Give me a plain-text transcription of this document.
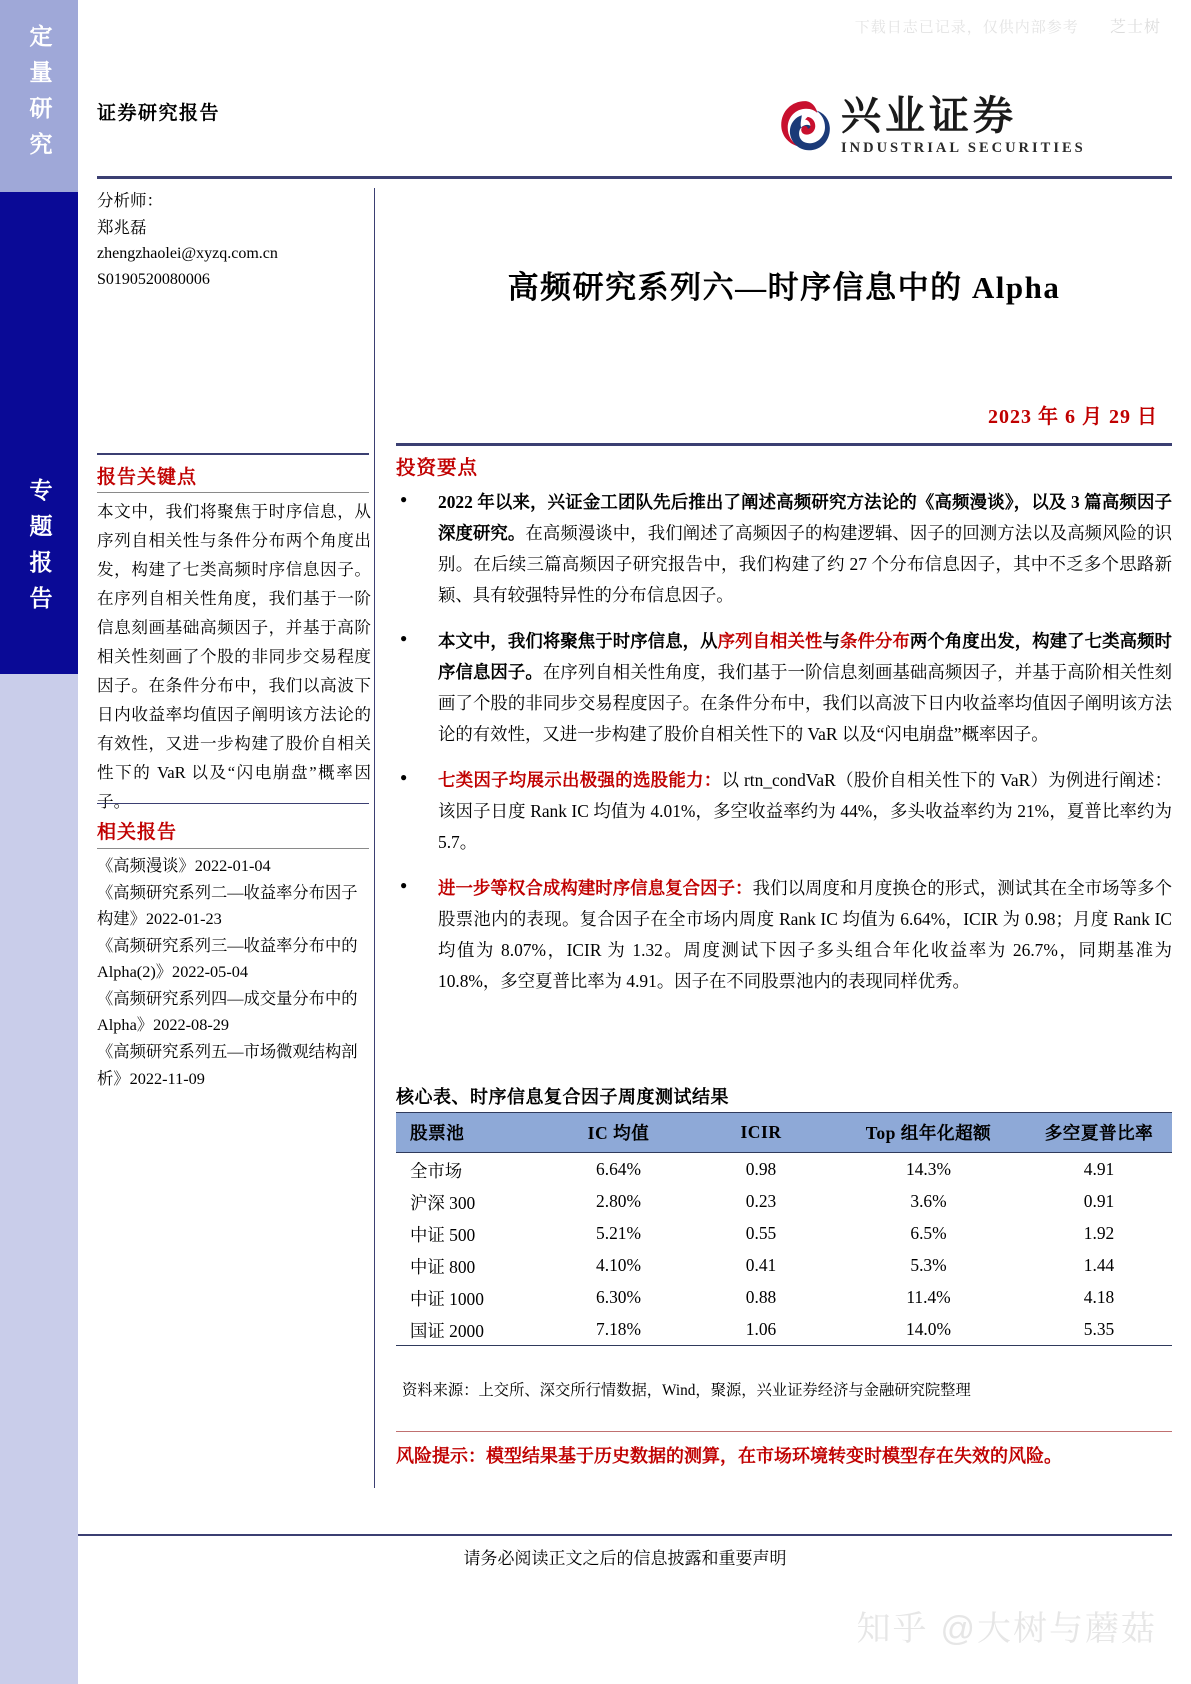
下载日志已记录，仅供内部参考 芝士树
定量研究
专题报告
证券研究报告	兴业证券
INDUSTRIAL SECURITIES
分析师：
郑兆磊
zhengzhaolei@xyzq.com.cn
S0190520080006
报告关键点
本文中，我们将聚焦于时序信息，从序列自相关性与条件分布两个角度出发，构建了七类高频时序信息因子。在序列自相关性角度，我们基于一阶信息刻画基础高频因子，并基于高阶相关性刻画了个股的非同步交易程度因子。在条件分布中，我们以高波下日内收益率均值因子阐明该方法论的有效性，又进一步构建了股价自相关性下的 VaR 以及“闪电崩盘”概率因子。
相关报告
《高频漫谈》2022-01-04
《高频研究系列二—收益率分布因子构建》2022-01-23
《高频研究系列三—收益率分布中的 Alpha(2)》2022-05-04
《高频研究系列四—成交量分布中的 Alpha》2022-08-29
《高频研究系列五—市场微观结构剖析》2022-11-09
高频研究系列六—时序信息中的 Alpha
2023 年 6 月 29 日
投资要点
● 2022 年以来，兴证金工团队先后推出了阐述高频研究方法论的《高频漫谈》，以及 3 篇高频因子深度研究。在高频漫谈中，我们阐述了高频因子的构建逻辑、因子的回测方法以及高频风险的识别。在后续三篇高频因子研究报告中，我们构建了约 27 个分布信息因子，其中不乏多个思路新颖、具有较强特异性的分布信息因子。
● 本文中，我们将聚焦于时序信息，从序列自相关性与条件分布两个角度出发，构建了七类高频时序信息因子。在序列自相关性角度，我们基于一阶信息刻画基础高频因子，并基于高阶相关性刻画了个股的非同步交易程度因子。在条件分布中，我们以高波下日内收益率均值因子阐明该方法论的有效性，又进一步构建了股价自相关性下的 VaR 以及“闪电崩盘”概率因子。
● 七类因子均展示出极强的选股能力：以 rtn_condVaR（股价自相关性下的 VaR）为例进行阐述：该因子日度 Rank IC 均值为 4.01%，多空收益率约为 44%，多头收益率约为 21%，夏普比率约为 5.7。
● 进一步等权合成构建时序信息复合因子：我们以周度和月度换仓的形式，测试其在全市场等多个股票池内的表现。复合因子在全市场内周度 Rank IC 均值为 6.64%，ICIR 为 0.98；月度 Rank IC 均值为 8.07%，ICIR 为 1.32。周度测试下因子多头组合年化收益率为 26.7%，同期基准为 10.8%，多空夏普比率为 4.91。因子在不同股票池内的表现同样优秀。
核心表、时序信息复合因子周度测试结果
股票池	IC 均值	ICIR	Top 组年化超额	多空夏普比率
全市场	6.64%	0.98	14.3%	4.91
沪深 300	2.80%	0.23	3.6%	0.91
中证 500	5.21%	0.55	6.5%	1.92
中证 800	4.10%	0.41	5.3%	1.44
中证 1000	6.30%	0.88	11.4%	4.18
国证 2000	7.18%	1.06	14.0%	5.35
资料来源：上交所、深交所行情数据，Wind，聚源，兴业证券经济与金融研究院整理
风险提示：模型结果基于历史数据的测算，在市场环境转变时模型存在失效的风险。
请务必阅读正文之后的信息披露和重要声明
知乎 @大树与蘑菇
